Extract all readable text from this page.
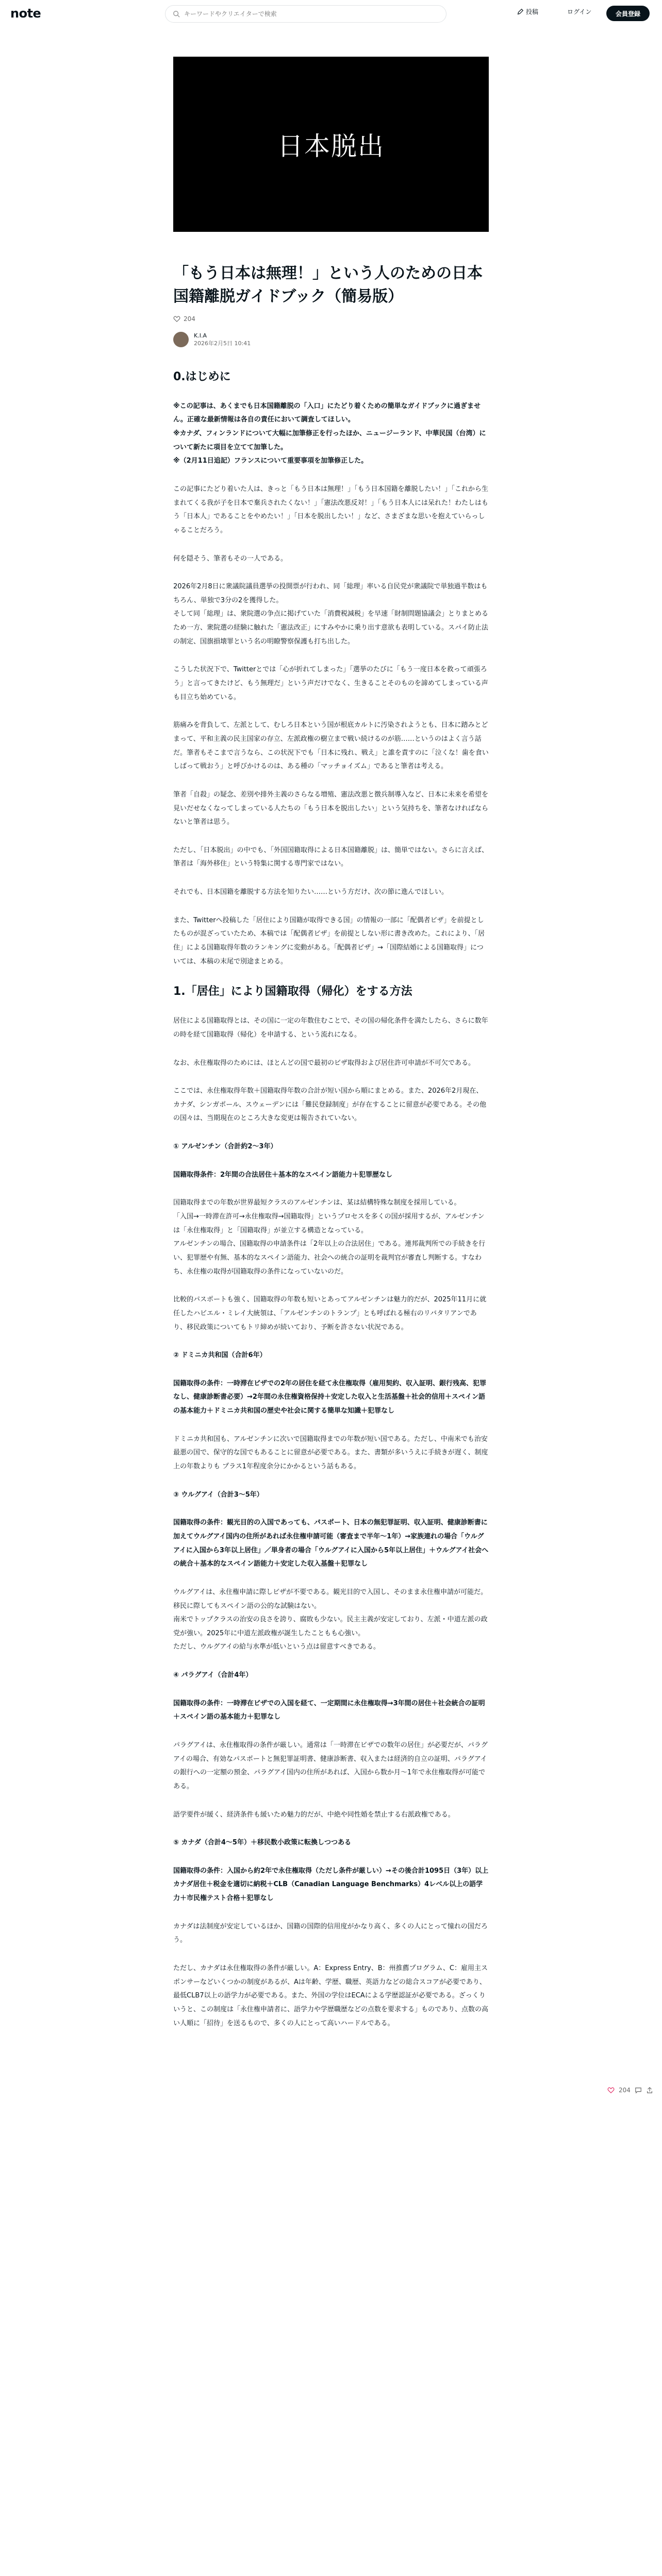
note
キーワードやクリエイターで検索	投稿	ログイン	会員登録
日本脱出
「もう日本は無理！」という人のための日本国籍離脱ガイドブック（簡易版）
204
K.I.A
2026年2月5日 10:41
0.はじめに

※この記事は、あくまでも日本国籍離脱の「入口」にたどり着くための簡単なガイドブックに過ぎません。正確な最新情報は各自の責任において調査してほしい。
※カナダ、フィンランドについて大幅に加筆修正を行ったほか、ニュージーランド、中華民国（台湾）について新たに項目を立てて加筆した。
※（2月11日追記）フランスについて重要事項を加筆修正した。

この記事にたどり着いた人は、きっと「もう日本は無理！」「もう日本国籍を離脱したい！」「これから生まれてくる我が子を日本で棄兵されたくない！」「憲法改悪反対！」「もう日本人には呆れた！わたしはもう「日本人」であることをやめたい！」「日本を脱出したい！」など、さまざまな思いを抱えていらっしゃることだろう。

何を隠そう、筆者もその一人である。

2026年2月8日に衆議院議員選挙の投開票が行われ、同「総理」率いる自民党が衆議院で単独過半数はもちろん、単独で3分の2を獲得した。
そして同「総理」は、衆院選の争点に掲げていた「消費税減税」を早速「財制問題協議会」とりまとめるため一方、衆院選の経験に触れた「憲法改正」にすみやかに乗り出す意欲も表明している。スパイ防止法の制定、国旗損壊罪という名の明瞭警察保護も打ち出した。

こうした状況下で、Twitterとでは「心が折れてしまった」「選挙のたびに「もう一度日本を救って頑張ろう」と言ってきたけど、もう無理だ」という声だけでなく、生きることそのものを諦めてしまっている声も目立ち始めている。

筋痛みを背負して、左派として、むしろ日本という国が根底カルトに汚染されようとも、日本に踏みとどまって、平和主義の民主国家の存立、左派政権の樹立まで戦い続けるのが筋……というのはよく言う話だ。筆者もそこまで言うなら、この状況下でも「日本に残れ、戦え」と誰を責すのに「泣くな！歯を食いしばって戦おう」と呼びかけるのは、ある種の「マッチョイズム」であると筆者は考える。

筆者「自殺」の疑念、差別や排外主義のさらなる増殖、憲法改悪と徴兵制導入など、日本に未来を希望を見いだせなくなってしまっている人たちの「もう日本を脱出したい」という気持ちを、筆者なければならないと筆者は思う。

ただし、「日本脱出」の中でも、「外国国籍取得による日本国籍離脱」は、簡単ではない。さらに言えば、筆者は「海外移住」という特集に関する専門家ではない。

それでも、日本国籍を離脱する方法を知りたい……という方だけ、次の節に進んでほしい。

また、Twitterへ投稿した「居住により国籍が取得できる国」の情報の一部に「配偶者ビザ」を前提としたものが混ざっていたため、本稿では「配偶者ビザ」を前提としない形に書き改めた。これにより、「居住」による国籍取得年数のランキングに変動がある。「配偶者ビザ」→「国際結婚による国籍取得」については、本稿の末尾で別途まとめる。

1.「居住」により国籍取得（帰化）をする方法

居住による国籍取得とは、その国に一定の年数住むことで、その国の帰化条件を満たしたら、さらに数年の時を経て国籍取得（帰化）を申請する、という流れになる。

なお、永住権取得のためには、ほとんどの国で最初のビザ取得および居住許可申請が不可欠である。

ここでは、永住権取得年数＋国籍取得年数の合計が短い国から順にまとめる。また、2026年2月現在、カナダ、シンガポール、スウェーデンには「難民登録制度」が存在することに留意が必要である。その他の国々は、当期現在のところ大きな変更は報告されていない。

① アルゼンチン（合計約2〜3年）

国籍取得条件：2年間の合法居住＋基本的なスペイン語能力＋犯罪歴なし

国籍取得までの年数が世界最短クラスのアルゼンチンは、某は結構特殊な制度を採用している。
「入国→一時滞在許可→永住権取得→国籍取得」というプロセスを多くの国が採用するが、アルゼンチンは「永住権取得」と「国籍取得」が並立する構造となっている。
アルゼンチンの場合、国籍取得の申請条件は「2年以上の合法居住」である。連邦裁判所での手続きを行い、犯罪歴や有無、基本的なスペイン語能力、社会への統合の証明を裁判官が審査し判断する。すなわち、永住権の取得が国籍取得の条件になっていないのだ。

比較的パスポートも強く、国籍取得の年数も短いとあってアルゼンチンは魅力的だが、2025年11月に就任したハビエル・ミレイ大統領は、「アルゼンチンのトランプ」とも呼ばれる極右のリバタリアンであり、移民政策についてもトリ締めが続いており、予断を許さない状況である。

② ドミニカ共和国（合計6年）

国籍取得の条件：一時滞在ビザでの2年の居住を経て永住権取得（雇用契約、収入証明、銀行残高、犯罪なし、健康診断書必要）→2年間の永住権資格保持＋安定した収入と生活基盤＋社会的信用＋スペイン語の基本能力＋ドミニカ共和国の歴史や社会に関する簡単な知識＋犯罪なし

ドミニカ共和国も、アルゼンチンに次いで国籍取得までの年数が短い国である。ただし、中南米でも治安最悪の国で、保守的な国でもあることに留意が必要である。また、書類が多いうえに手続きが遅く、制度上の年数よりも プラス1年程度余分にかかるという話もある。

③ ウルグアイ（合計3〜5年）

国籍取得の条件：観光目的の入国であっても、パスポート、日本の無犯罪証明、収入証明、健康診断書に加えてウルグアイ国内の住所があれば永住権申請可能（審査まで半年〜1年）→家族連れの場合「ウルグアイに入国から3年以上居住」／単身者の場合「ウルグアイに入国から5年以上居住」＋ウルグアイ社会への統合＋基本的なスペイン語能力＋安定した収入基盤＋犯罪なし

ウルグアイは、永住権申請に際しビザが不要である。観光目的で入国し、そのまま永住権申請が可能だ。移民に際してもスペイン語の公的な試験はない。
南米でトップクラスの治安の良さを誇り、腐敗も少ない。民主主義が安定しており、左派・中道左派の政党が強い。2025年に中道左派政権が誕生したこともも心強い。
ただし、ウルグアイの給与水準が低いという点は留意すべきである。

④ パラグアイ（合計4年）

国籍取得の条件：一時滞在ビザでの入国を経て、一定期間に永住権取得→3年間の居住＋社会統合の証明＋スペイン語の基本能力＋犯罪なし

パラグアイは、永住権取得の条件が厳しい。通常は「一時滞在ビザでの数年の居住」が必要だが、パラグアイの場合、有効なパスポートと無犯罪証明書、健康診断書、収入または経済的自立の証明、パラグアイの銀行への一定額の預金、パラグアイ国内の住所があれば、入国から数か月〜1年で永住権取得が可能である。

語学要件が緩く、経済条件も緩いため魅力的だが、中絶や同性婚を禁止する右派政権である。

⑤ カナダ（合計4〜5年）＋移民数小政策に転換しつつある

国籍取得の条件：入国から約2年で永住権取得（ただし条件が厳しい）→その後合計1095日（3年）以上カナダ居住＋税金を適切に納税＋CLB（Canadian Language Benchmarks）4レベル以上の語学力＋市民権テスト合格＋犯罪なし

カナダは法制度が安定しているほか、国籍の国際的信用度がかなり高く、多くの人にとって憧れの国だろう。

ただし、カナダは永住権取得の条件が厳しい。A：Express Entry、B：州推薦プログラム、C：雇用主スポンサーなどいくつかの制度があるが、Aは年齢、学歴、職歴、英語力などの総合スコアが必要であり、最低CLB7以上の語学力が必要である。また、外国の学位はECAによる学歴認証が必要である。ざっくりいうと、この制度は「永住権申請者に、語学力や学歴職歴などの点数を要求する」ものであり、点数の高い人順に「招待」を送るもので、多くの人にとって高いハードルである。

204
